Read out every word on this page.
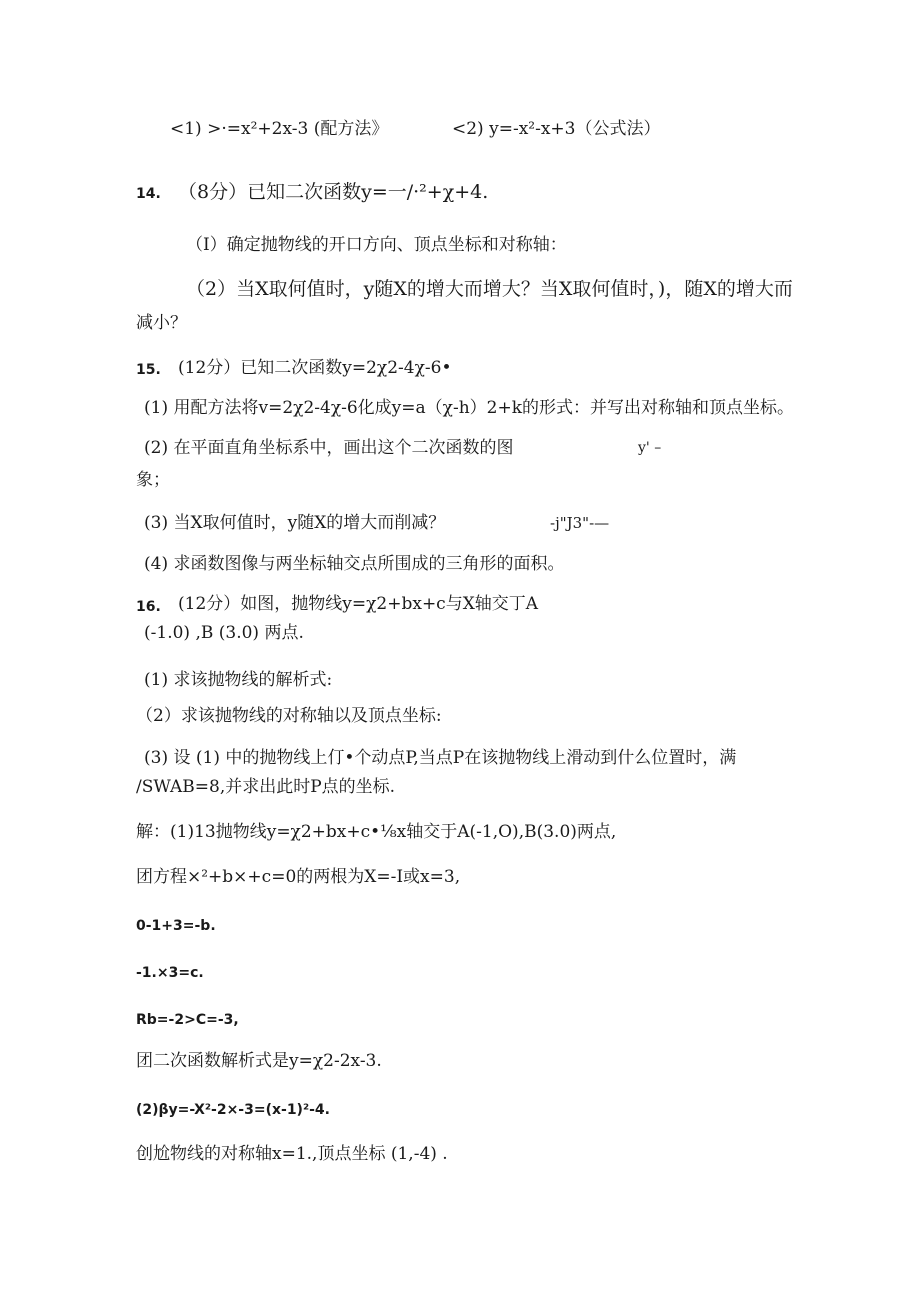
<1) >·=x²+2x-3 (配方法》	<2) y=-x²-x+3（公式法）
14. （8分）已知二次函数y=一/·²+χ+4.
（I）确定抛物线的开口方向、顶点坐标和对称轴：
（2）当X取何值时，y随X的增大而增大？当X取何值时，)，随X的增大而
减小？
15. (12分）已知二次函数y=2χ2-4χ-6•
(1) 用配方法将v=2χ2-4χ-6化成y=a（χ-h）2+k的形式：并写出对称轴和顶点坐标。
(2) 在平面直角坐标系中，画出这个二次函数的图	y' –
象；
(3) 当X取何值时，y随X的增大而削减？	-j"J3"-—
(4) 求函数图像与两坐标轴交点所围成的三角形的面积。
16. (12分）如图，抛物线y=χ2+bx+c与X轴交丁A
(-1.0) ,B (3.0) 两点.
(1) 求该抛物线的解析式:
（2）求该抛物线的对称轴以及顶点坐标:
(3) 设 (1) 中的抛物线上仃•个动点P,当点P在该抛物线上滑动到什么位置时，满
/SWAB=8,并求出此时P点的坐标.
解：(1)13抛物线y=χ2+bx+c•⅛x轴交于A(-1,O),B(3.0)两点,
团方程×²+b×+c=0的两根为X=-I或x=3,
0-1+3=-b.
-1.×3=c.
Rb=-2>C=-3,
团二次函数解析式是y=χ2-2x-3.
(2)βy=-X²-2×-3=(x-1)²-4.
创尬物线的对称轴x=1.,顶点坐标 (1,-4) .
